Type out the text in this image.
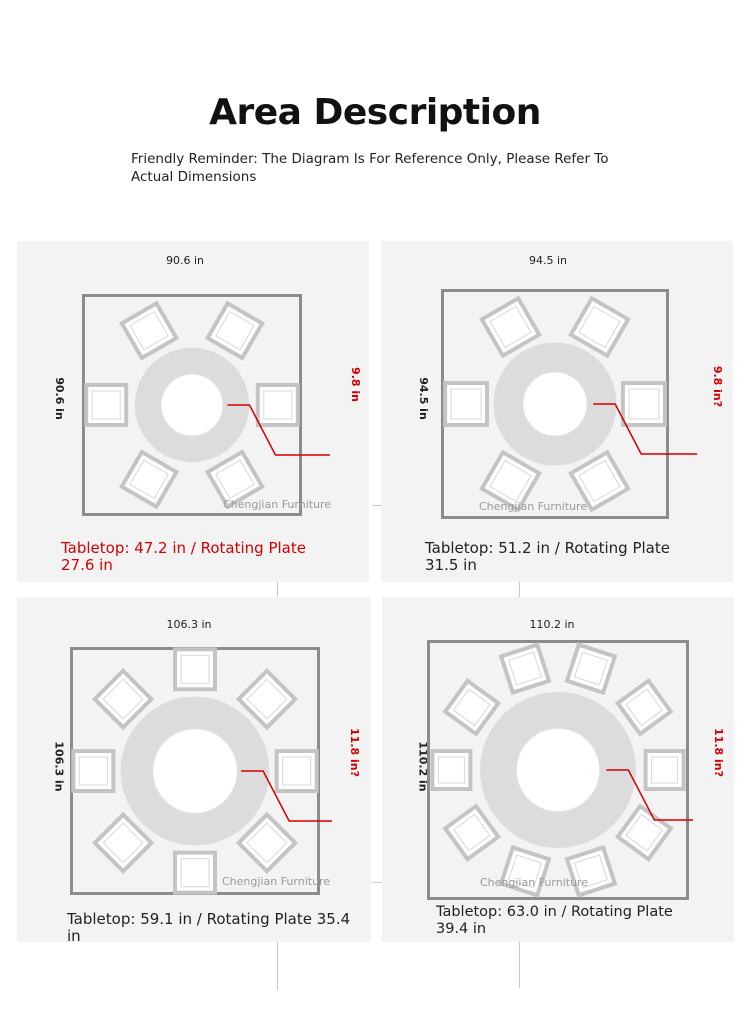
Area Description
Friendly Reminder: The Diagram Is For Reference Only, Please Refer To Actual Dimensions
90.6 in
90.6 in	9.8 in
Chengjian Furniture
Tabletop: 47.2 in / Rotating Plate 27.6 in
94.5 in
94.5 in	9.8 in?
Chengjian Furniture
Tabletop: 51.2 in / Rotating Plate 31.5 in
106.3 in
106.3 in	11.8 in?
Chengjian Furniture
Tabletop: 59.1 in / Rotating Plate 35.4 in
110.2 in
110.2 in	11.8 in?
Chengjian Furniture
Tabletop: 63.0 in / Rotating Plate 39.4 in
